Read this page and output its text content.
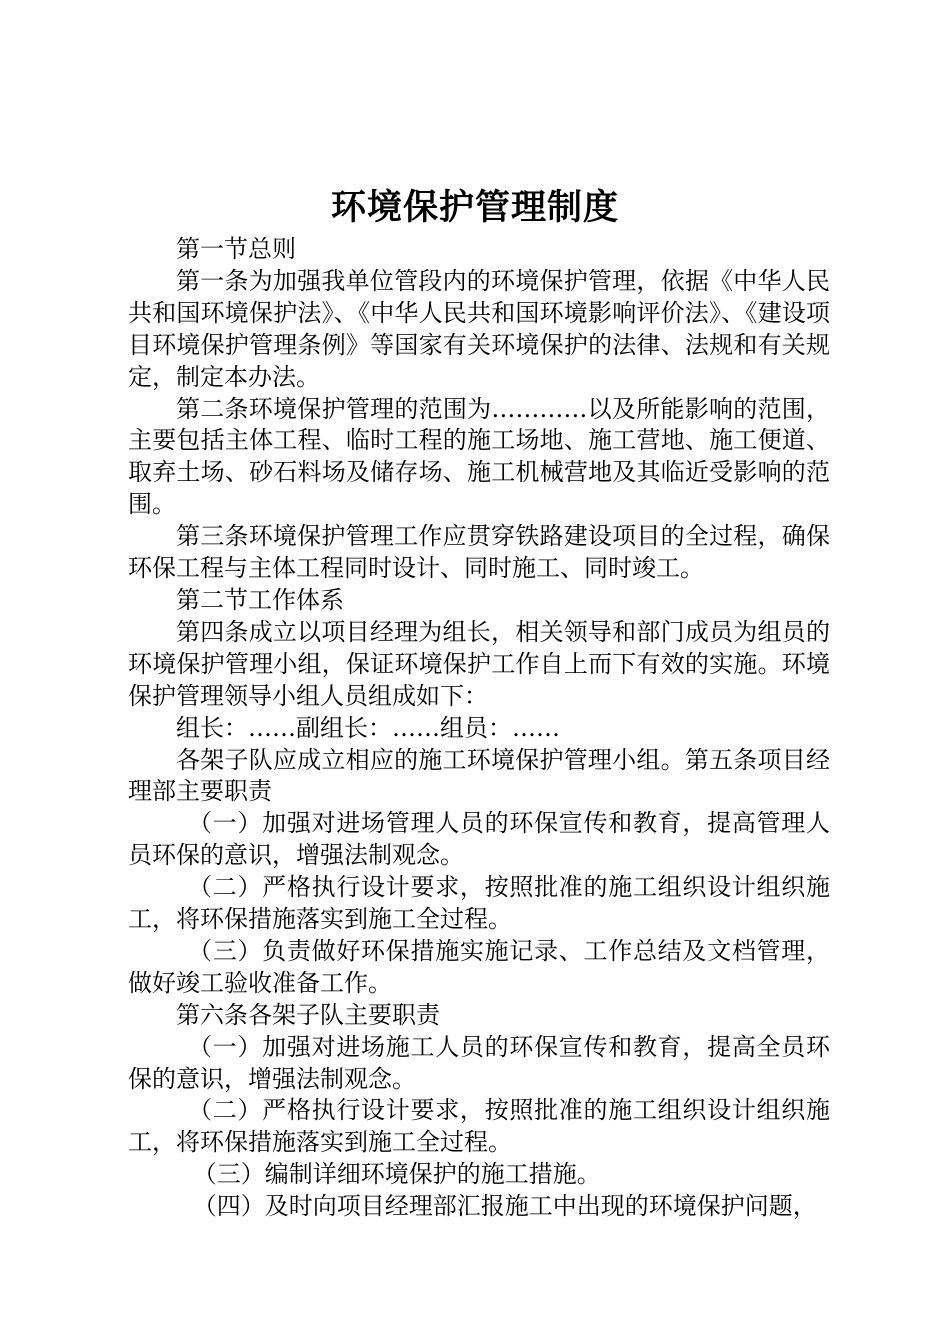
环境保护管理制度

第一节总则

第一条为加强我单位管段内的环境保护管理，依据《中华人民共和国环境保护法》、《中华人民共和国环境影响评价法》、《建设项目环境保护管理条例》等国家有关环境保护的法律、法规和有关规定，制定本办法。

第二条环境保护管理的范围为…………以及所能影响的范围，主要包括主体工程、临时工程的施工场地、施工营地、施工便道、取弃土场、砂石料场及储存场、施工机械营地及其临近受影响的范围。

第三条环境保护管理工作应贯穿铁路建设项目的全过程，确保环保工程与主体工程同时设计、同时施工、同时竣工。

第二节工作体系

第四条成立以项目经理为组长，相关领导和部门成员为组员的环境保护管理小组，保证环境保护工作自上而下有效的实施。环境保护管理领导小组人员组成如下：

组长：……副组长：……组员：……

各架子队应成立相应的施工环境保护管理小组。第五条项目经理部主要职责

（一）加强对进场管理人员的环保宣传和教育，提高管理人员环保的意识，增强法制观念。

（二）严格执行设计要求，按照批准的施工组织设计组织施工，将环保措施落实到施工全过程。

（三）负责做好环保措施实施记录、工作总结及文档管理，做好竣工验收准备工作。

第六条各架子队主要职责

（一）加强对进场施工人员的环保宣传和教育，提高全员环保的意识，增强法制观念。

（二）严格执行设计要求，按照批准的施工组织设计组织施工，将环保措施落实到施工全过程。

（三）编制详细环境保护的施工措施。

（四）及时向项目经理部汇报施工中出现的环境保护问题，
